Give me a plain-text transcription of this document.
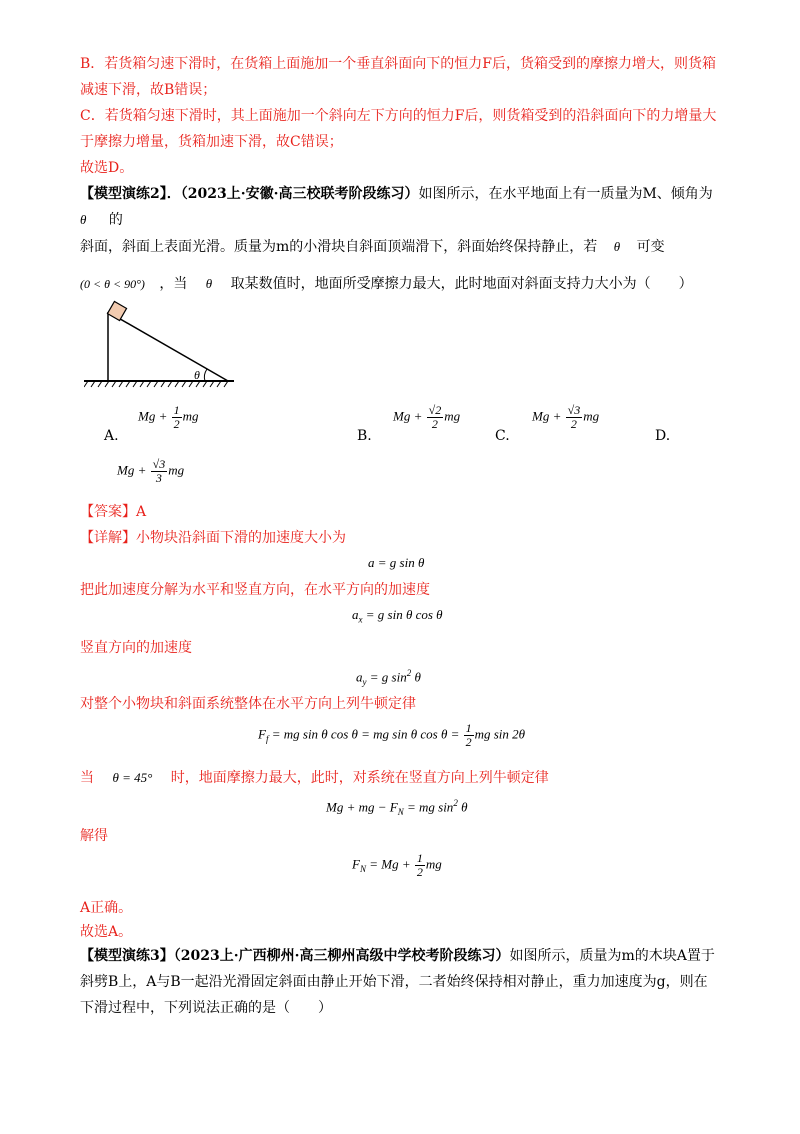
B．若货箱匀速下滑时，在货箱上面施加一个垂直斜面向下的恒力F后，货箱受到的摩擦力增大，则货箱
减速下滑，故B错误；
C．若货箱匀速下滑时，其上面施加一个斜向左下方向的恒力F后，则货箱受到的沿斜面向下的力增量大
于摩擦力增量，货箱加速下滑，故C错误；
故选D。
【模型演练2】．（2023上·安徽·高三校联考阶段练习）如图所示，在水平地面上有一质量为M、倾角为
θ 的
斜面，斜面上表面光滑。质量为m的小滑块自斜面顶端滑下，斜面始终保持静止，若 θ 可变
(0 < θ < 90°) ，当 θ 取某数值时，地面所受摩擦力最大，此时地面对斜面支持力大小为（　　）
θ
A.
$Mg + \frac{1}{2}$ mg
B.
$Mg + \frac{√2}{2}$ mg
C.
$Mg + \frac{√3}{2}$ mg
D.
$Mg + \frac{√3}{3}$ mg
【答案】A
【详解】小物块沿斜面下滑的加速度大小为
a = g sin θ
把此加速度分解为水平和竖直方向，在水平方向的加速度
$a_x = g$ sin θ cos θ
竖直方向的加速度
$a_y = g$ $\sin^2 \theta$
对整个小物块和斜面系统整体在水平方向上列牛顿定律
$F_f$ = mg sin θ cos θ = mg sin θ $\cos \theta = \frac{1}{2}$ mg sin 2θ
当 θ = 45° 时，地面摩擦力最大，此时，对系统在竖直方向上列牛顿定律
Mg + mg − $F_N$ = mg $\sin^2 \theta$
解得
$F_N = Mg + \frac{1}{2}$ mg
A正确。
故选A。
【模型演练3】（2023上·广西柳州·高三柳州高级中学校考阶段练习）如图所示，质量为m的木块A置于
斜劈B上，A与B一起沿光滑固定斜面由静止开始下滑，二者始终保持相对静止，重力加速度为g，则在
下滑过程中，下列说法正确的是（　　）
